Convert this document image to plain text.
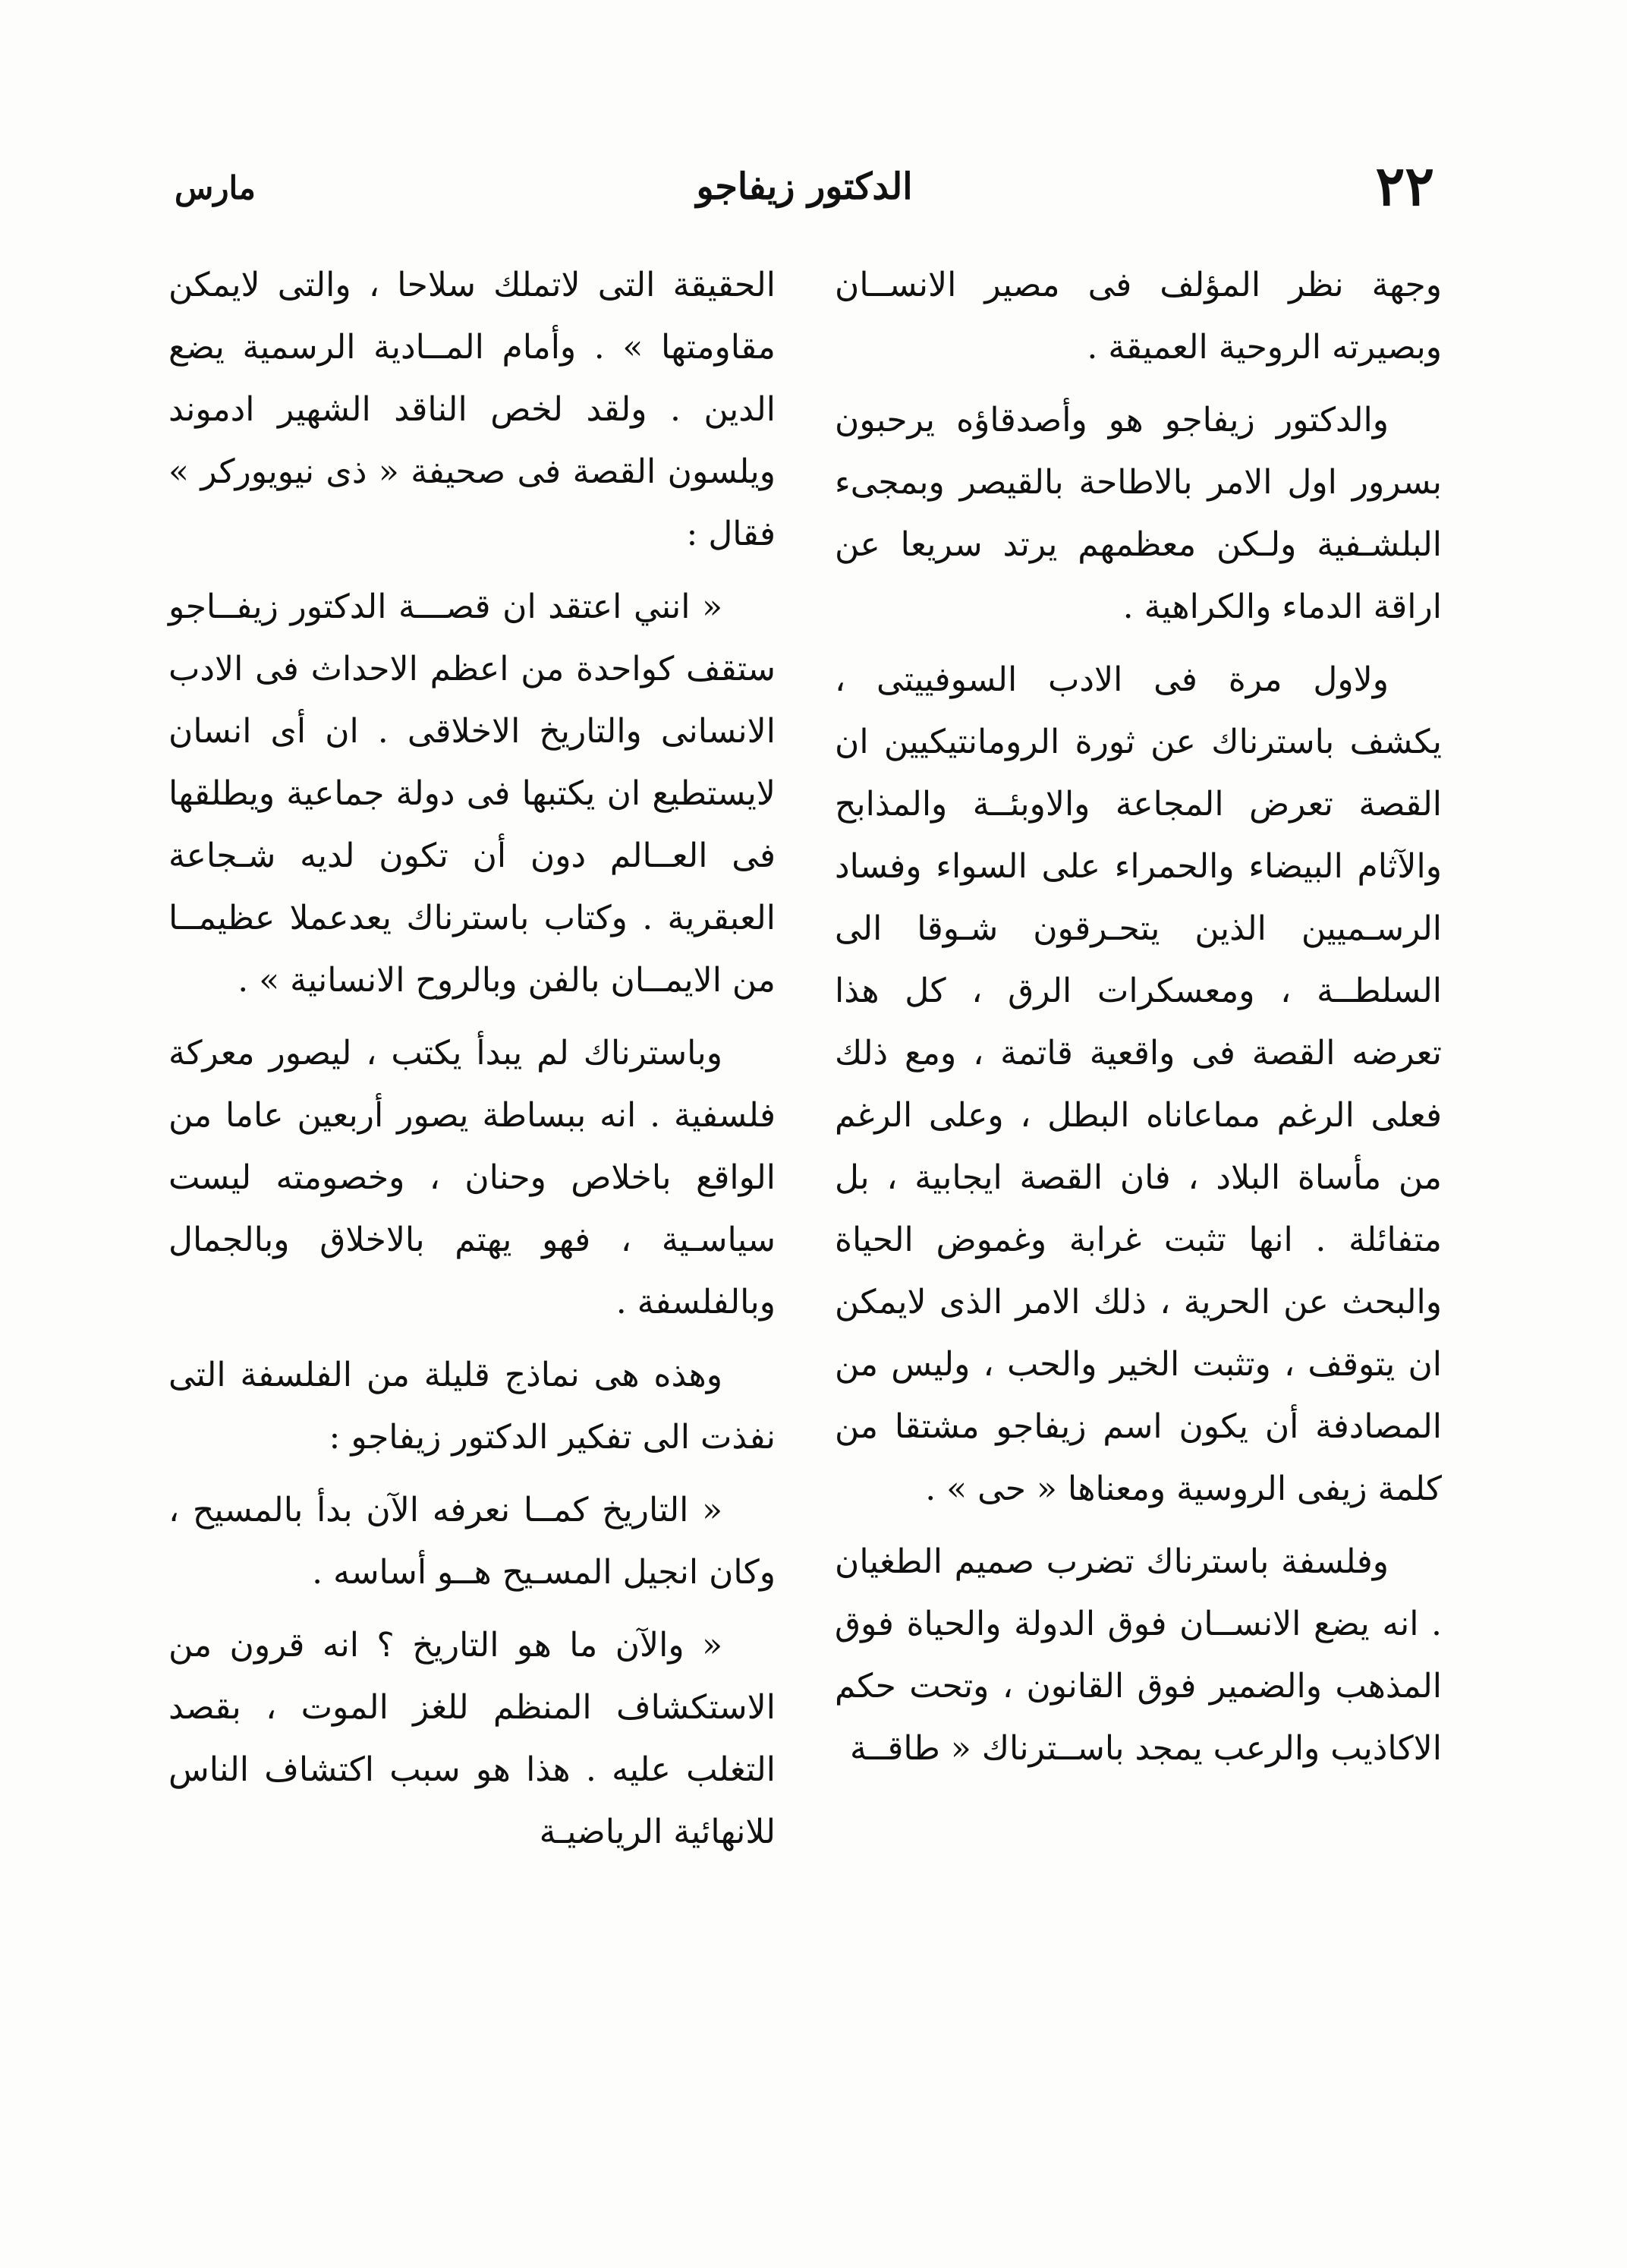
٢٢
الدكتور زيفاجو
مارس

وجهة نظر المؤلف فى مصير الانســان وبصيرته الروحية العميقة .

والدكتور زيفاجو هو وأصدقاؤه يرحبون بسرور اول الامر بالاطاحة بالقيصر وبمجىء البلشـفية ولـكن معظمهم يرتد سريعا عن اراقة الدماء والكراهية .

ولاول مرة فى الادب السوفييتى ، يكشف باسترناك عن ثورة الرومانتيكيين ان القصة تعرض المجاعة والاوبئــة والمذابح والآثام البيضاء والحمراء على السواء وفساد الرسـميين الذين يتحـرقون شـوقا الى السلطــة ، ومعسكرات الرق ، كل هذا تعرضه القصة فى واقعية قاتمة ، ومع ذلك فعلى الرغم مماعاناه البطل ، وعلى الرغم من مأساة البلاد ، فان القصة ايجابية ، بل متفائلة . انها تثبت غرابة وغموض الحياة والبحث عن الحرية ، ذلك الامر الذى لايمكن ان يتوقف ، وتثبت الخير والحب ، وليس من المصادفة أن يكون اسم زيفاجو مشتقا من كلمة زيفى الروسية ومعناها « حى » .

وفلسفة باسترناك تضرب صميم الطغيان . انه يضع الانســان فوق الدولة والحياة فوق المذهب والضمير فوق القانون ، وتحت حكم الاكاذيب والرعب يمجد باســترناك « طاقــة

الحقيقة التى لاتملك سلاحا ، والتى لايمكن مقاومتها » . وأمام المــادية الرسمية يضع الدين . ولقد لخص الناقد الشهير ادموند ويلسون القصة فى صحيفة « ذى نيويوركر » فقال :

« انني اعتقد ان قصـــة الدكتور زيفــاجو ستقف كواحدة من اعظم الاحداث فى الادب الانسانى والتاريخ الاخلاقى . ان أى انسان لايستطيع ان يكتبها فى دولة جماعية ويطلقها فى العــالم دون أن تكون لديه شـجاعة العبقرية . وكتاب باسترناك يعدعملا عظيمــا من الايمــان بالفن وبالروح الانسانية » .

وباسترناك لم يبدأ يكتب ، ليصور معركة فلسفية . انه ببساطة يصور أربعين عاما من الواقع باخلاص وحنان ، وخصومته ليست سياسـية ، فهو يهتم بالاخلاق وبالجمال وبالفلسفة .

وهذه هى نماذج قليلة من الفلسفة التى نفذت الى تفكير الدكتور زيفاجو :

« التاريخ كمــا نعرفه الآن بدأ بالمسيح ، وكان انجيل المسـيح هــو أساسه .

« والآن ما هو التاريخ ؟ انه قرون من الاستكشاف المنظم للغز الموت ، بقصد التغلب عليه . هذا هو سبب اكتشاف الناس للانهائية الرياضيـة
